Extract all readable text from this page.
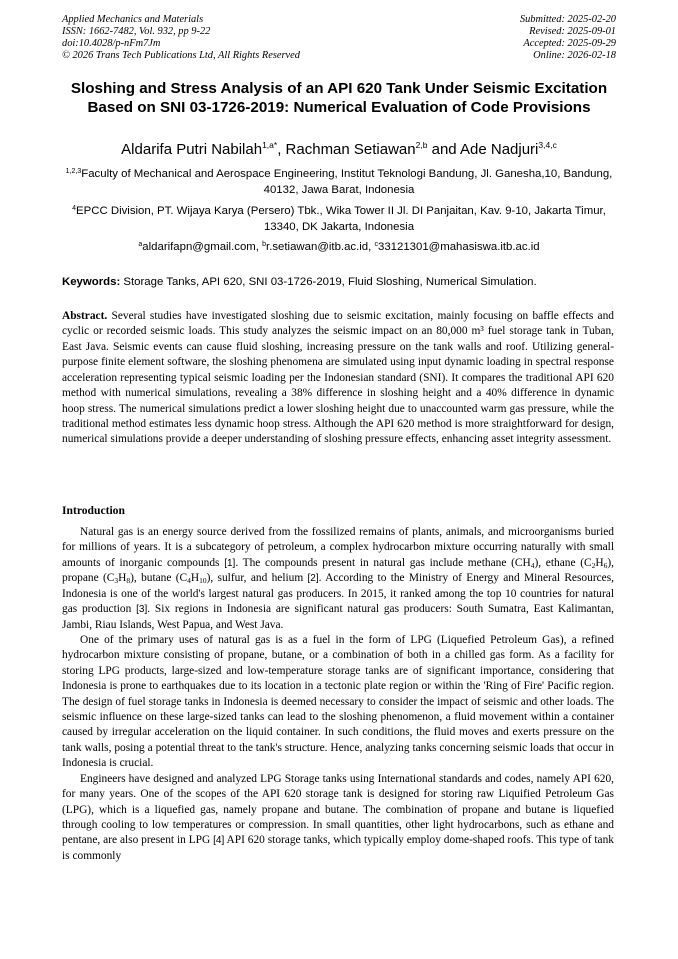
Applied Mechanics and Materials
ISSN: 1662-7482, Vol. 932, pp 9-22
doi:10.4028/p-nFm7Jm
© 2026 Trans Tech Publications Ltd, All Rights Reserved
Submitted: 2025-02-20
Revised: 2025-09-01
Accepted: 2025-09-29
Online: 2026-02-18
Sloshing and Stress Analysis of an API 620 Tank Under Seismic Excitation Based on SNI 03-1726-2019: Numerical Evaluation of Code Provisions
Aldarifa Putri Nabilah$^{1,a*}$, Rachman Setiawan$^{2,b}$ and Ade Nadjuri$^{3,4,c}$
$^{1,2,3}$Faculty of Mechanical and Aerospace Engineering, Institut Teknologi Bandung, Jl. Ganesha,10, Bandung, 40132, Jawa Barat, Indonesia
$^4$EPCC Division, PT. Wijaya Karya (Persero) Tbk., Wika Tower II Jl. DI Panjaitan, Kav. 9-10, Jakarta Timur, 13340, DK Jakarta, Indonesia
$^a$aldarifapn@gmail.com, $^b$r.setiawan@itb.ac.id, $^c$33121301@mahasiswa.itb.ac.id
Keywords: Storage Tanks, API 620, SNI 03-1726-2019, Fluid Sloshing, Numerical Simulation.
Abstract. Several studies have investigated sloshing due to seismic excitation, mainly focusing on baffle effects and cyclic or recorded seismic loads. This study analyzes the seismic impact on an 80,000 m³ fuel storage tank in Tuban, East Java. Seismic events can cause fluid sloshing, increasing pressure on the tank walls and roof. Utilizing general-purpose finite element software, the sloshing phenomena are simulated using input dynamic loading in spectral response acceleration representing typical seismic loading per the Indonesian standard (SNI). It compares the traditional API 620 method with numerical simulations, revealing a 38% difference in sloshing height and a 40% difference in dynamic hoop stress. The numerical simulations predict a lower sloshing height due to unaccounted warm gas pressure, while the traditional method estimates less dynamic hoop stress. Although the API 620 method is more straightforward for design, numerical simulations provide a deeper understanding of sloshing pressure effects, enhancing asset integrity assessment.
Introduction

Natural gas is an energy source derived from the fossilized remains of plants, animals, and microorganisms buried for millions of years. It is a subcategory of petroleum, a complex hydrocarbon mixture occurring naturally with small amounts of inorganic compounds [1]. The compounds present in natural gas include methane $(CH_4)$, ethane $(C_2H_6)$, propane $(C_3H_8)$, butane $(C_4H_{10})$, sulfur, and helium [2]. According to the Ministry of Energy and Mineral Resources, Indonesia is one of the world's largest natural gas producers. In 2015, it ranked among the top 10 countries for natural gas production [3]. Six regions in Indonesia are significant natural gas producers: South Sumatra, East Kalimantan, Jambi, Riau Islands, West Papua, and West Java.

One of the primary uses of natural gas is as a fuel in the form of LPG (Liquefied Petroleum Gas), a refined hydrocarbon mixture consisting of propane, butane, or a combination of both in a chilled gas form. As a facility for storing LPG products, large-sized and low-temperature storage tanks are of significant importance, considering that Indonesia is prone to earthquakes due to its location in a tectonic plate region or within the 'Ring of Fire' Pacific region. The design of fuel storage tanks in Indonesia is deemed necessary to consider the impact of seismic and other loads. The seismic influence on these large-sized tanks can lead to the sloshing phenomenon, a fluid movement within a container caused by irregular acceleration on the liquid container. In such conditions, the fluid moves and exerts pressure on the tank walls, posing a potential threat to the tank's structure. Hence, analyzing tanks concerning seismic loads that occur in Indonesia is crucial.

Engineers have designed and analyzed LPG Storage tanks using International standards and codes, namely API 620, for many years. One of the scopes of the API 620 storage tank is designed for storing raw Liquified Petroleum Gas (LPG), which is a liquefied gas, namely propane and butane. The combination of propane and butane is liquefied through cooling to low temperatures or compression. In small quantities, other light hydrocarbons, such as ethane and pentane, are also present in LPG [4] API 620 storage tanks, which typically employ dome-shaped roofs. This type of tank is commonly
